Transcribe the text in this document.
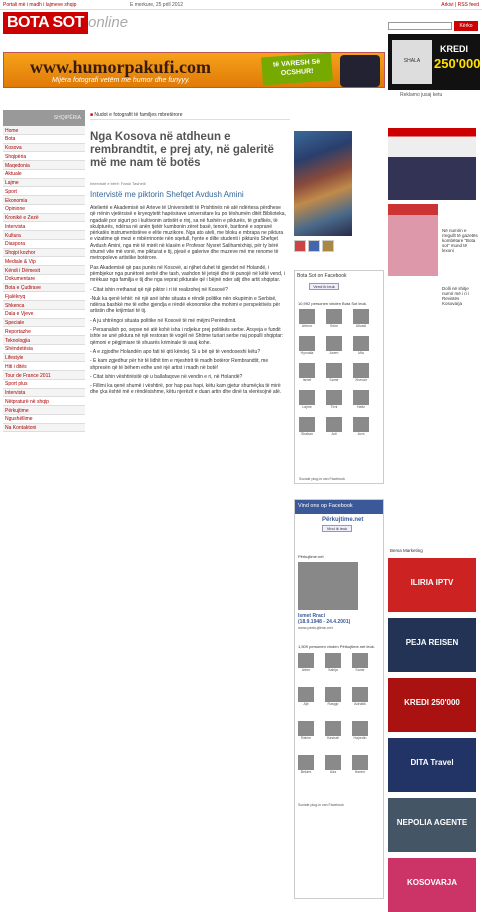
Portali më i madh i lajmeve shqip	E merkure, 25 prill 2012	Arkivi | RSS feed
BOTA SOT online	Kërko
www.humorpakufi.com
Mijëra fotografi vetëm me humor dhe funyyy.
të VARESH Së OCSHUR!
SHALA
KREDI
250'000
Reklamo jusaj ketu
SHQIPËRIA
Home
Bota
Kosova
Shqipëria
Maqedonia
Aktuale
Lajme
Sport
Ekonomia
Opinione
Kronikë e Zezë
Intervista
Kultura
Diaspora
Shqipi kozhor
Mediale & Vip
Këndi i Dëmesit
Dokumentare
Bota e Çudirave
Fjalëkryq
Shkenca
Dala e Vjeve
Speciale
Reportazhe
Teknologjia
Shëndetësia
Lifestyle
Hiti i ditës
Tour de France 2011
Sport plus
Intervista
Nëtpraturë në shqip
Përkujtime
Ngushëllime
Na Kontaktoni
■ Nudot e fotografit të familjes mbretërore
Nga Kosova në atdheun e rembrandtit, e prej aty, në galeritë më me nam të botës
Intervistë e bërë: Faruk Tashelli
Intervistë me piktorin Shefqet Avdush Amini

Ateliertë e Akademisë së Arteve të Universitetit të Prishtinës në atë ndërtesa përdhese që rrënin vjetërsisë e kryeqytetit hapësirave universitare ku po tëshumën ditët Biblioteka, ngadalë por sigurt po i kultivonin artistët e rinj, sa në fushën e pikturës, të grafikës, të skulpturës, ndërsa në anën tjetër kumbonin zëret basë, tenorë, baritonë e sopranë përkatës instrumentistëve e elite muzikore. Nga ato ateli, me bloku e mbrapa ne piktura e vizatime që mezi e mbërrinonte nën sqetull, hynte e dilte studenti i pikturës Shefqet Avdush Amini, nga më të mirët në klasën e Profesor Nysret Salihamixhiqi, për ty bërë shumë vite më vonë, me pikturat e tij, pjesë e galerive dhe muzeve më me renome të metropoleve artistike botërore.

Pas Akademisë që pas punës në Kosovë, ai njihet duhet të gjendet në Holandë, i pëmbjekur nga punëtorë serbë dhe tash, vashdon të jetojë dhe të punojë në këtë vend, i mrëkuar nga familja e tij dhe nga veprat pikturale që i bëjnë nder atij dhe artit shqiptar.

- Citat ishin rrethanat që një piktor i ri të realizohej në Kosovë?

-Nuk ka qenë lehtë: në një anë ishte situata e rëndë politike nën okupimin e Serbisë, ndërsa bashkë me të edhe gjendja e rëndë ekonomike dhe mohimi e perspektivës për artistin dhe krijimtari të tij.

- A ju shtrëngoi situata politike në Kosovë të më mëjmi Perëndimit.

- Persanalish po, sepse në atë kohë isha i ndjekur prej politikës serbe. Arsyeja e fundit ishte se unë piktura në një restoran të vogël në Shtime turiari serbe naj populli shqiptar: qëmoni e pëgjimiare të shuarës kriminale të asaj kohe.

- A e zgjodhe Holandën apo fati të qiti këndej. Si u bë që të vendoseshi këtu?

- E kam zgjedhur për hir të lidhit tim e mjeshtrit të madh botëror Rembrandtit, me shpresën që të bëhem edhe unë një artist i madh në botë!

- Citat ishin vështirësitë që u ballafaqove në vendin e ri, në Holandë?

- Fillimi ka qenë shumë i vështirë, por hap pas hapi, këtu kam gjetur shumëçka të mirë dhe çka është më e rëndësishme, këtu njerëzit e duan artin dhe dinë ta vlerësojnë atë.

Bota Sot on Facebook
Vend ik leuk
10,992 personen vinden Bota Sot leuk.
Arbnor	Selm	Allvadi
Hyrvalla	Azem	Mia
Ismet	Samir	Xhevair
Lajme	Tirni	Hafiz
Shaban	Adi	Avni
Sociale plug-in van Facebook
Vind ons op Facebook
Përkujtime.net
Vind ik leuk
Përkujtime.net
Ismet Rraci
(18.9.1948 - 24.4.2001)
www.perkujtime.net
1,509 personen vinden Përkujtime.net leuk.
Arber	Sabija	Samir
Ajb	Rasgip	Adriatik
Rahim	Kastrati	Hajredin
Bekimi	Uda	Harem
Sociale plug-in van Facebook
Në numrin e rregullt të gazetës kombëtare “Bota sot” mund të lexoni
Dolli në shitje numri më i ri i Revistës Kosovarja
Bema Marketing
ILIRIA IPTV
PEJA REISEN
KREDI 250'000
DITA Travel
NEPOLIA AGENTE
KOSOVARJA
